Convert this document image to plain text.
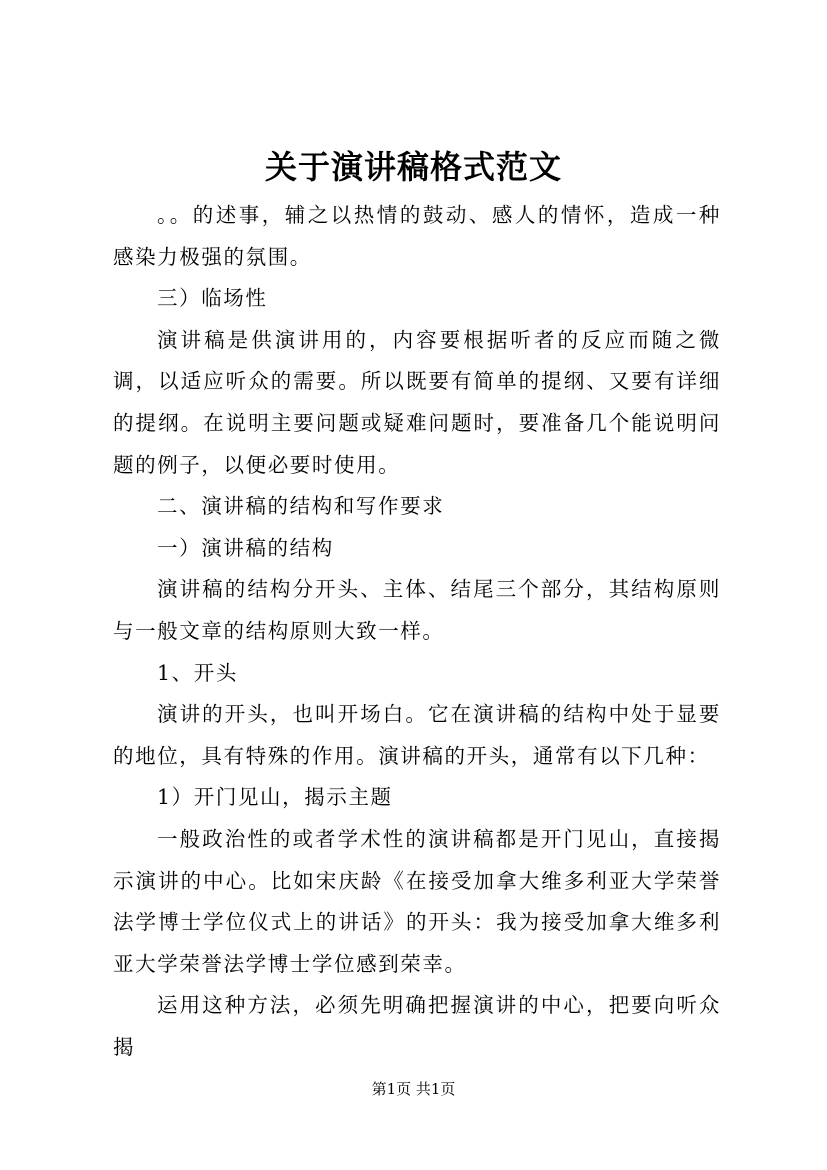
关于演讲稿格式范文

。。的述事，辅之以热情的鼓动、感人的情怀，造成一种感染力极强的氛围。

三）临场性

演讲稿是供演讲用的，内容要根据听者的反应而随之微调，以适应听众的需要。所以既要有简单的提纲、又要有详细的提纲。在说明主要问题或疑难问题时，要准备几个能说明问题的例子，以便必要时使用。

二、演讲稿的结构和写作要求

一）演讲稿的结构

演讲稿的结构分开头、主体、结尾三个部分，其结构原则与一般文章的结构原则大致一样。

1、开头

演讲的开头，也叫开场白。它在演讲稿的结构中处于显要的地位，具有特殊的作用。演讲稿的开头，通常有以下几种：

1）开门见山，揭示主题

一般政治性的或者学术性的演讲稿都是开门见山，直接揭示演讲的中心。比如宋庆龄《在接受加拿大维多利亚大学荣誉法学博士学位仪式上的讲话》的开头：我为接受加拿大维多利亚大学荣誉法学博士学位感到荣幸。

运用这种方法，必须先明确把握演讲的中心，把要向听众揭

第1页 共1页
